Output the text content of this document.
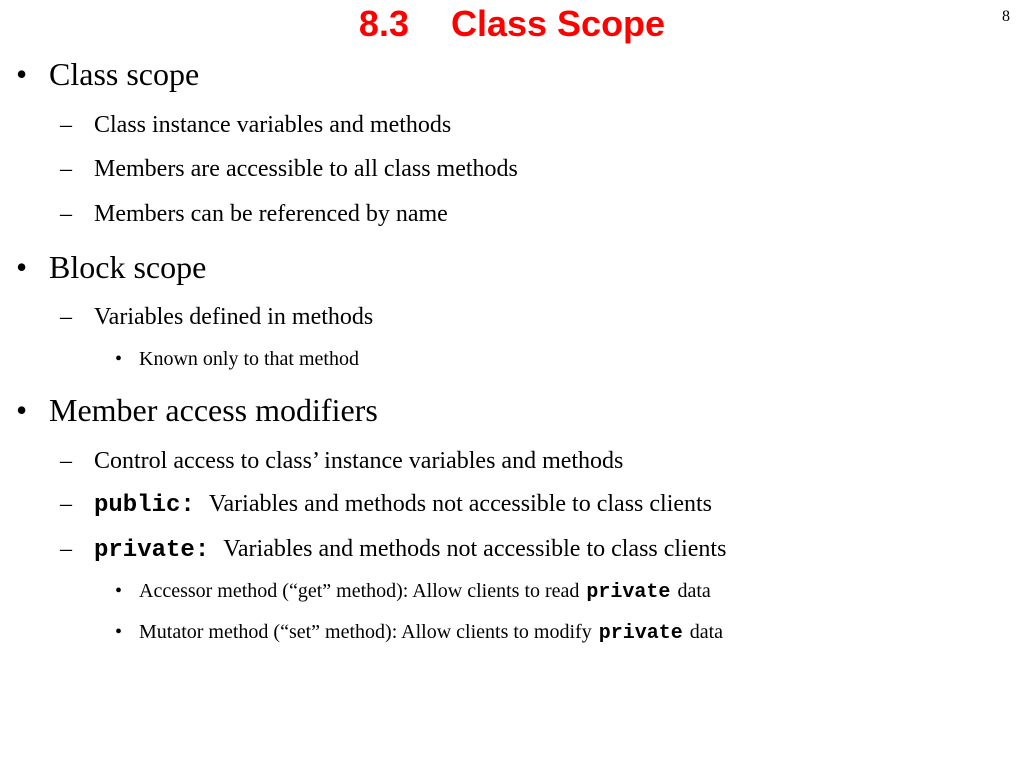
8.3 Class Scope	8
• Class scope
– Class instance variables and methods
– Members are accessible to all class methods
– Members can be referenced by name
• Block scope
– Variables defined in methods
• Known only to that method
• Member access modifiers
– Control access to class’ instance variables and methods
– public: Variables and methods not accessible to class clients
– private: Variables and methods not accessible to class clients
• Accessor method (“get” method): Allow clients to read private data
• Mutator method (“set” method): Allow clients to modify private data
